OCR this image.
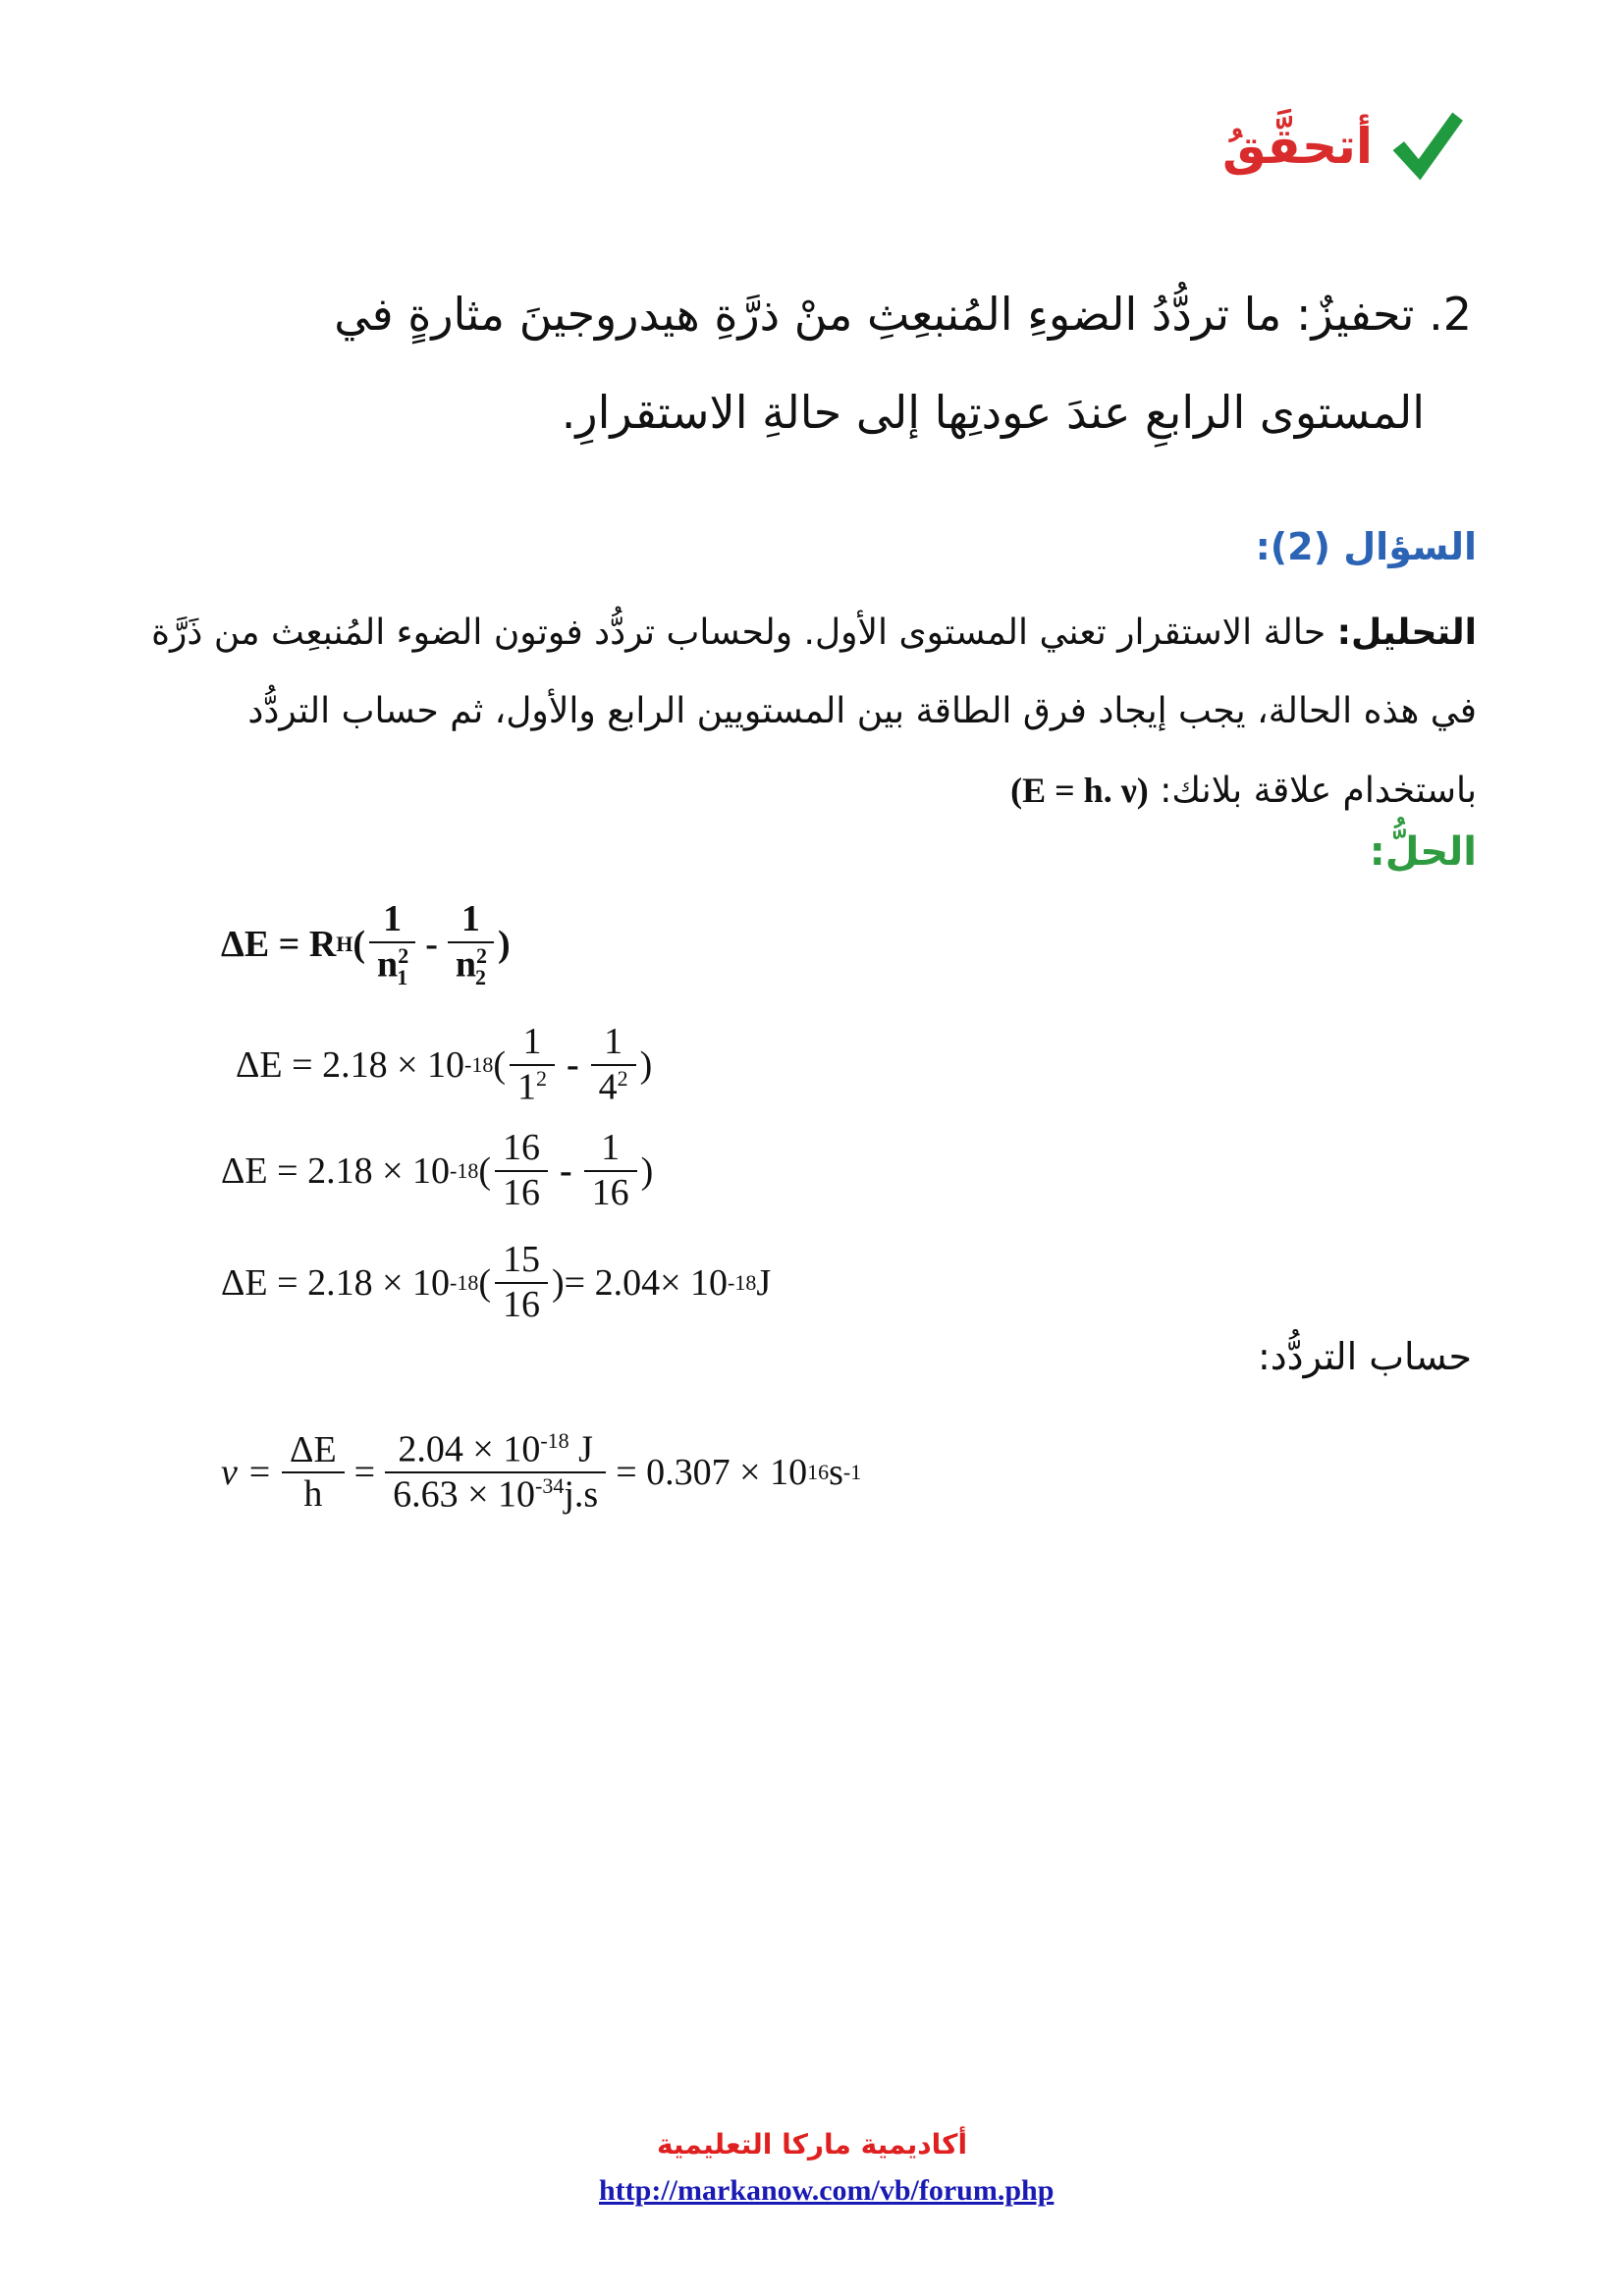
أتحقَّقُ
2. تحفيزٌ: ما تردُّدُ الضوءِ المُنبعِثِ منْ ذرَّةِ هيدروجينَ مثارةٍ في
المستوى الرابعِ عندَ عودتِها إلى حالةِ الاستقرارِ.
السؤال (2):
التحليل: حالة الاستقرار تعني المستوى الأول. ولحساب تردُّد فوتون الضوء المُنبعِث من ذَرَّة في هذه الحالة، يجب إيجاد فرق الطاقة بين المستويين الرابع والأول، ثم حساب التردُّد باستخدام علاقة بلانك: (E = h. ν)
الحلُّ:
ΔE = R H ( $\frac{1}{n^2_1} - \frac{1}{n^2_2}$ )
ΔE = 2.18 × 10 -18 ( $\frac{1}{1^2} - \frac{1}{4^2}$ )
ΔE = 2.18 × 10 -18 ( $\frac{16}{16} - \frac{1}{16}$ )
ΔE = 2.18 × 10 -18 ( $\frac{15}{16}$ ) = 2.04× 10 -18 J
حساب التردُّد:
$\nu = \frac{\Delta E}{h} = \frac{2.04 \times 10^{-18} J}{6.63 \times 10^{-34}j.s} = 0.307 \times 10$ 16 s -1
أكاديمية ماركا التعليمية
http://markanow.com/vb/forum.php
